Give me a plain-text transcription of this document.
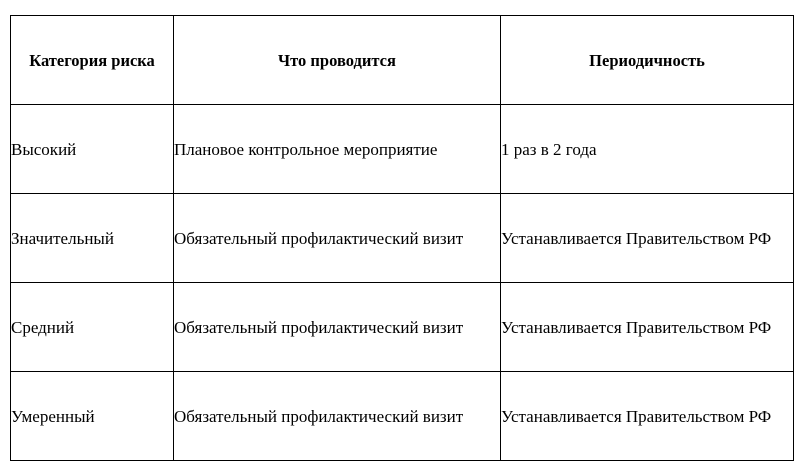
Категория риска	Что проводится	Периодичность
Высокий	Плановое контрольное мероприятие	1 раз в 2 года
Значительный	Обязательный профилактический визит	Устанавливается Правительством РФ
Средний	Обязательный профилактический визит	Устанавливается Правительством РФ
Умеренный	Обязательный профилактический визит	Устанавливается Правительством РФ
